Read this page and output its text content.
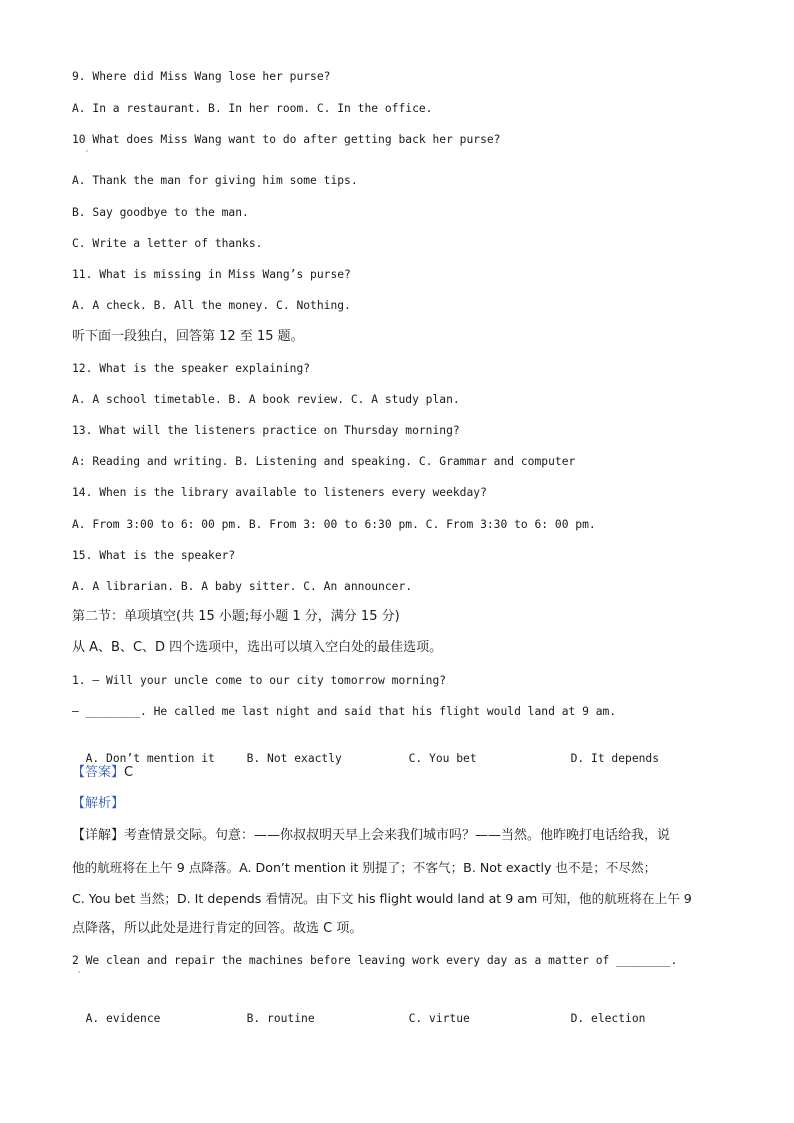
9. Where did Miss Wang lose her purse?
A. In a restaurant. B. In her room. C. In the office.
10 What does Miss Wang want to do after getting back her purse?
'
A. Thank the man for giving him some tips.
B. Say goodbye to the man.
C. Write a letter of thanks.
11. What is missing in Miss Wang’s purse?
A. A check. B. All the money. C. Nothing.
听下面一段独白，回答第 12 至 15 题。
12. What is the speaker explaining?
A. A school timetable. B. A book review. C. A study plan.
13. What will the listeners practice on Thursday morning?
A: Reading and writing. B. Listening and speaking. C. Grammar and computer
14. When is the library available to listeners every weekday?
A. From 3:00 to 6: 00 pm. B. From 3: 00 to 6:30 pm. C. From 3:30 to 6: 00 pm.
15. What is the speaker?
A. A librarian. B. A baby sitter. C. An announcer.
第二节：单项填空(共 15 小题;每小题 1 分，满分 15 分)
从 A、B、C、D 四个选项中，选出可以填入空白处的最佳选项。
1. — Will your uncle come to our city tomorrow morning?
— ________. He called me last night and said that his flight would land at 9 am.

A. Don’t mention it	B. Not exactly	C. You bet	D. It depends

【答案】C
【解析】
【详解】考查情景交际。句意：——你叔叔明天早上会来我们城市吗？——当然。他昨晚打电话给我，说
他的航班将在上午 9 点降落。A. Don’t mention it 别提了；不客气；B. Not exactly 也不是；不尽然；
C. You bet 当然；D. It depends 看情况。由下文 his flight would land at 9 am 可知，他的航班将在上午 9
点降落，所以此处是进行肯定的回答。故选 C 项。
2 We clean and repair the machines before leaving work every day as a matter of ________.
'

A. evidence	B. routine	C. virtue	D. election
